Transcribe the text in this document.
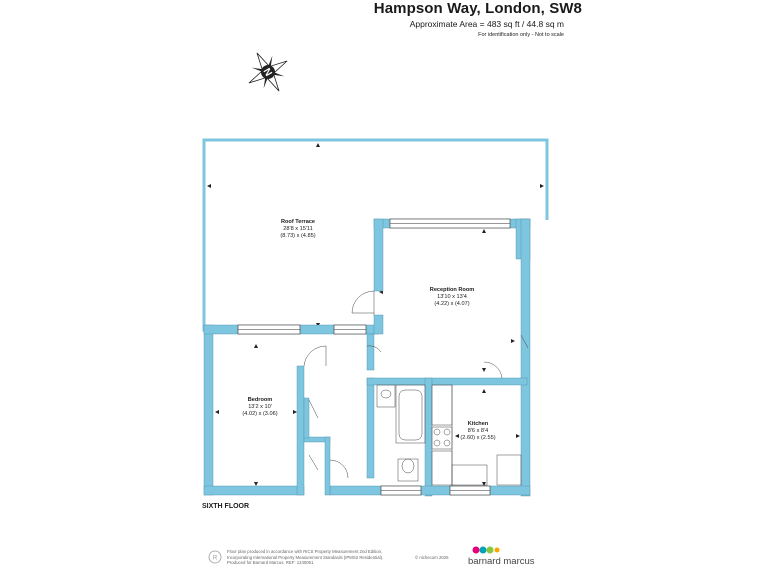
Hampson Way, London, SW8
Approximate Area = 483 sq ft / 44.8 sq m
For identification only - Not to scale
N
Roof Terrace
28'8 x 15'11
(8.73) x (4.85)
Reception Room
13'10 x 13'4
(4.22) x (4.07)
Bedroom
13'2 x 10'
(4.02) x (3.06)
Kitchen
8'6 x 8'4
(2.60) x (2.55)
SIXTH FLOOR
R
Floor plan produced in accordance with RICS Property Measurement 2nd Edition,
Incorporating International Property Measurement Standards (IPMS2 Residential).
Produced for Barnard Marcus. REF: 1240061
© nichecom 2025 barnard marcus
